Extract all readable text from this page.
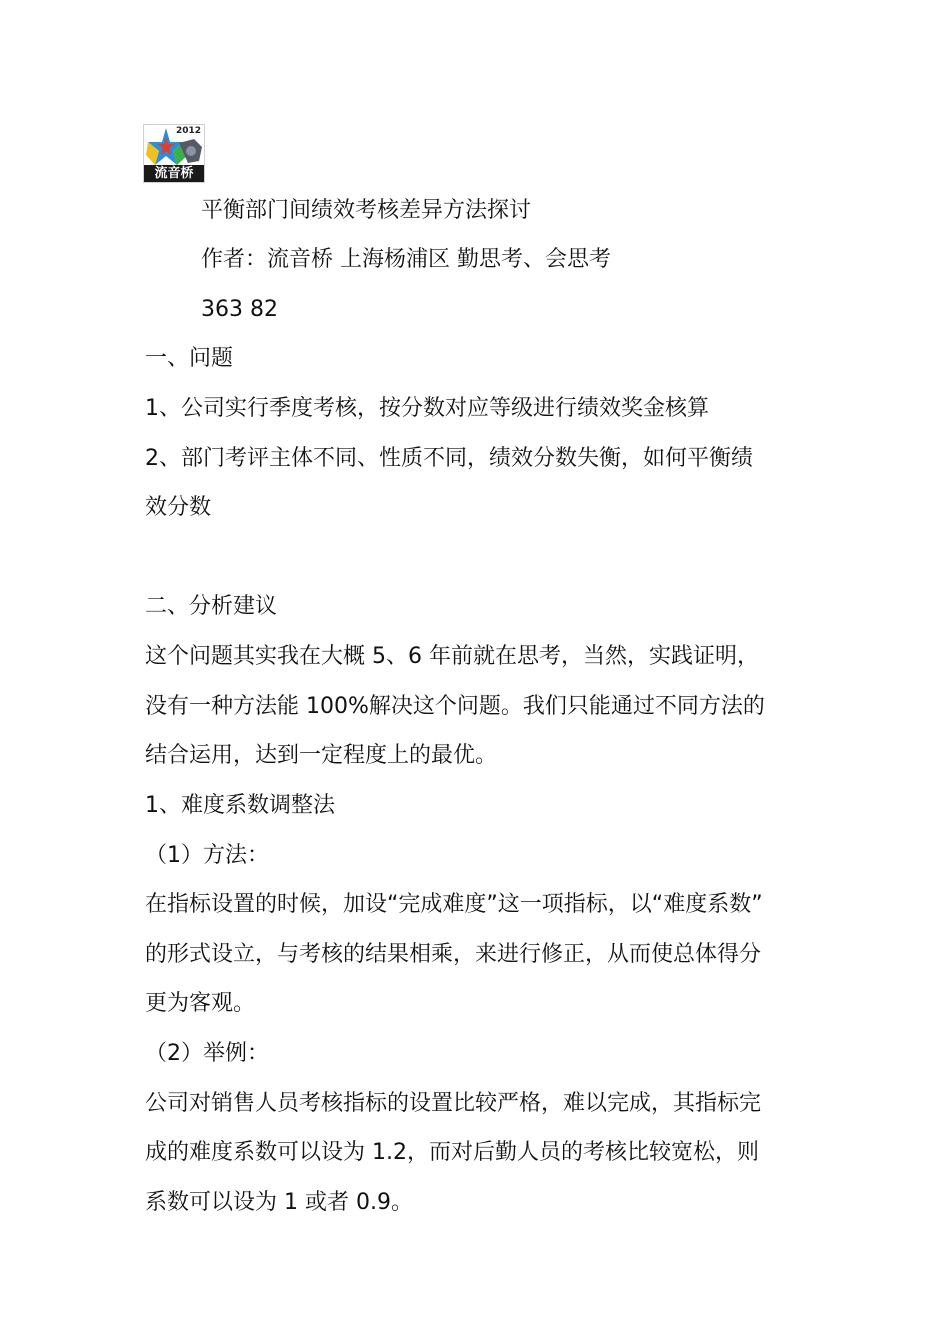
2012
流音桥
平衡部门间绩效考核差异方法探讨
作者：流音桥 上海杨浦区 勤思考、会思考
363 82
一、问题
1、公司实行季度考核，按分数对应等级进行绩效奖金核算
2、部门考评主体不同、性质不同，绩效分数失衡，如何平衡绩
效分数
二、分析建议
这个问题其实我在大概 5、6 年前就在思考，当然，实践证明，
没有一种方法能 100%解决这个问题。我们只能通过不同方法的
结合运用，达到一定程度上的最优。
1、难度系数调整法
（1）方法：
在指标设置的时候，加设“完成难度”这一项指标，以“难度系数”
的形式设立，与考核的结果相乘，来进行修正，从而使总体得分
更为客观。
（2）举例：
公司对销售人员考核指标的设置比较严格，难以完成，其指标完
成的难度系数可以设为 1.2，而对后勤人员的考核比较宽松，则
系数可以设为 1 或者 0.9。
